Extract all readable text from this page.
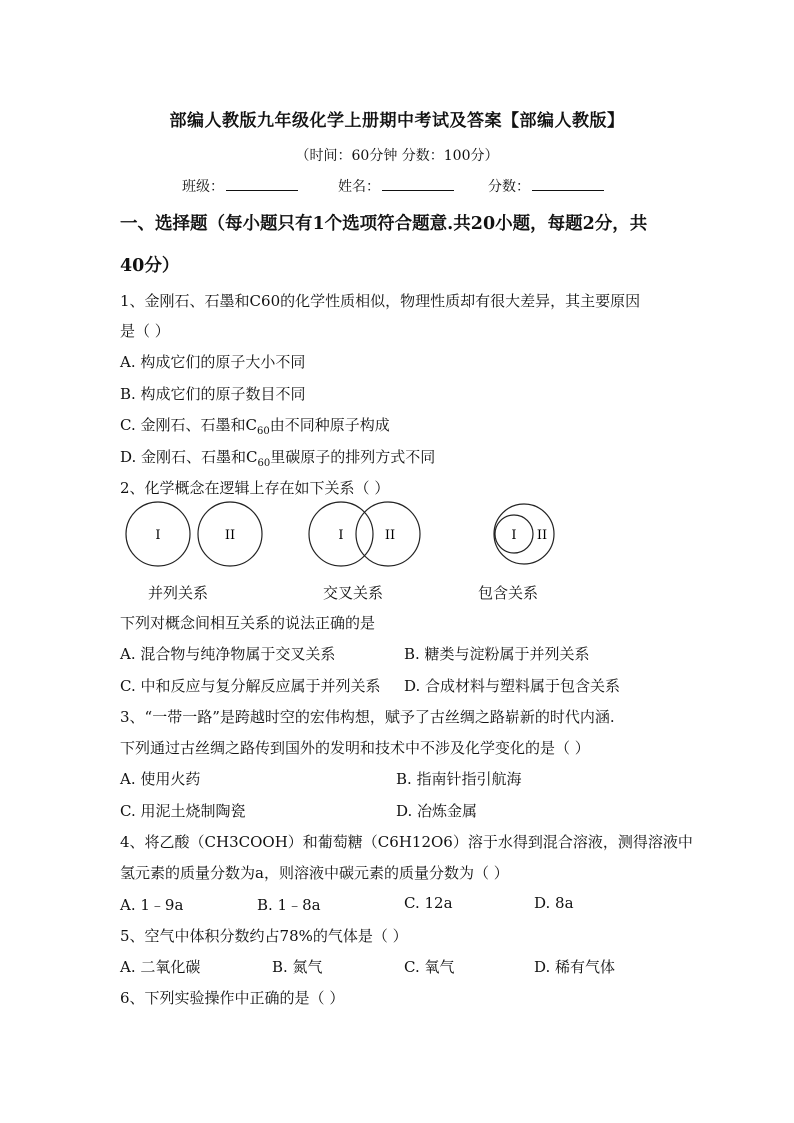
部编人教版九年级化学上册期中考试及答案【部编人教版】
（时间：60分钟 分数：100分）
班级：	姓名：	分数：
一、选择题（每小题只有1个选项符合题意.共20小题，每题2分，共
40分）
1、金刚石、石墨和C60的化学性质相似，物理性质却有很大差异，其主要原因
是（ ）
A. 构成它们的原子大小不同
B. 构成它们的原子数目不同
C. 金刚石、石墨和$C_{60}$由不同种原子构成
D. 金刚石、石墨和$C_{60}$里碳原子的排列方式不同
2、化学概念在逻辑上存在如下关系（ ）
I	II	I	II	I II
并列关系	交叉关系	包含关系
下列对概念间相互关系的说法正确的是
A. 混合物与纯净物属于交叉关系	B. 糖类与淀粉属于并列关系
C. 中和反应与复分解反应属于并列关系 D. 合成材料与塑料属于包含关系
3、“一带一路”是跨越时空的宏伟构想，赋予了古丝绸之路崭新的时代内涵.
下列通过古丝绸之路传到国外的发明和技术中不涉及化学变化的是（ ）
A. 使用火药	B. 指南针指引航海
C. 用泥土烧制陶瓷	D. 冶炼金属
4、将乙酸（CH3COOH）和葡萄糖（C6H12O6）溶于水得到混合溶液，测得溶液中
氢元素的质量分数为a，则溶液中碳元素的质量分数为（ ）
A. 1﹣9a	B. 1﹣8a	C. 12a	D. 8a
5、空气中体积分数约占78%的气体是（ ）
A. 二氧化碳	B. 氮气	C. 氧气	D. 稀有气体
6、下列实验操作中正确的是（ ）
